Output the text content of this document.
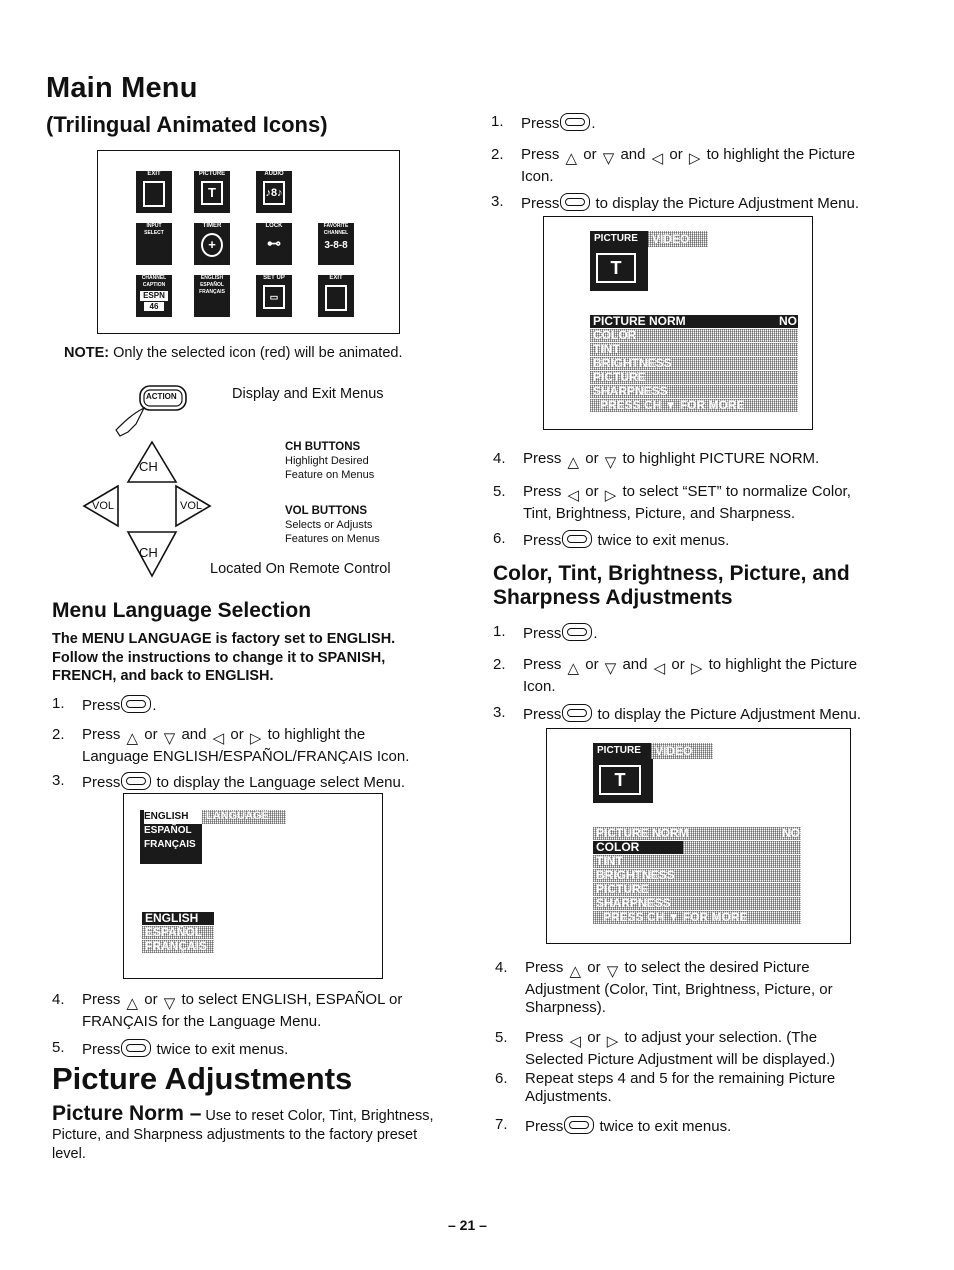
Main Menu
(Trilingual Animated Icons)
EXIT	PICTURE
T
AUDIO
♪8♪
INPUT SELECT
TIMER
+
LOCK
⊷
FAVORITE CHANNEL
3-8-8
CHANNEL CAPTION
ESPN
46
ENGLISH ESPAÑOL FRANÇAIS
SET UP
▭
EXIT
NOTE: Only the selected icon (red) will be animated.
ACTION
CH
VOL	VOL
CH
Display and Exit Menus
CH BUTTONS
Highlight Desired
Feature on Menus
VOL BUTTONS
Selects or Adjusts
Features on Menus
Located On Remote Control
Menu Language Selection
The MENU LANGUAGE is factory set to ENGLISH.
Follow the instructions to change it to SPANISH,
FRENCH, and back to ENGLISH.
1. Press .
2. Press △ or ▽ and ◁ or ▷ to highlight the
Language ENGLISH/ESPAÑOL/FRANÇAIS Icon.
3. Press to display the Language select Menu.
ENGLISH
ESPAÑOL
FRANÇAIS
LANGUAGE
ENGLISH
ESPAÑOL
FRANÇAIS
4. Press △ or ▽ to select ENGLISH, ESPAÑOL or
FRANÇAIS for the Language Menu.
5. Press twice to exit menus.
Picture Adjustments
Picture Norm – Use to reset Color, Tint, Brightness,
Picture, and Sharpness adjustments to the factory preset
level.
1. Press .
2. Press △ or ▽ and ◁ or ▷ to highlight the Picture
Icon.
3. Press to display the Picture Adjustment Menu.
PICTURE	VIDEO
T
PICTURE NORM	NO
COLOR
TINT
BRIGHTNESS
PICTURE
SHARPNESS
PRESS CH ▼ FOR MORE
4. Press △ or ▽ to highlight PICTURE NORM.
5. Press ◁ or ▷ to select “SET” to normalize Color,
Tint, Brightness, Picture, and Sharpness.
6. Press twice to exit menus.
Color, Tint, Brightness, Picture, and
Sharpness Adjustments
1. Press .
2. Press △ or ▽ and ◁ or ▷ to highlight the Picture
Icon.
3. Press to display the Picture Adjustment Menu.
PICTURE	VIDEO
T
PICTURE NORM	NO
COLOR
TINT
BRIGHTNESS
PICTURE
SHARPNESS
PRESS CH ▼ FOR MORE
4. Press △ or ▽ to select the desired Picture
Adjustment (Color, Tint, Brightness, Picture, or
Sharpness).
5. Press ◁ or ▷ to adjust your selection. (The
Selected Picture Adjustment will be displayed.)
6. Repeat steps 4 and 5 for the remaining Picture
Adjustments.
7. Press twice to exit menus.
– 21 –
